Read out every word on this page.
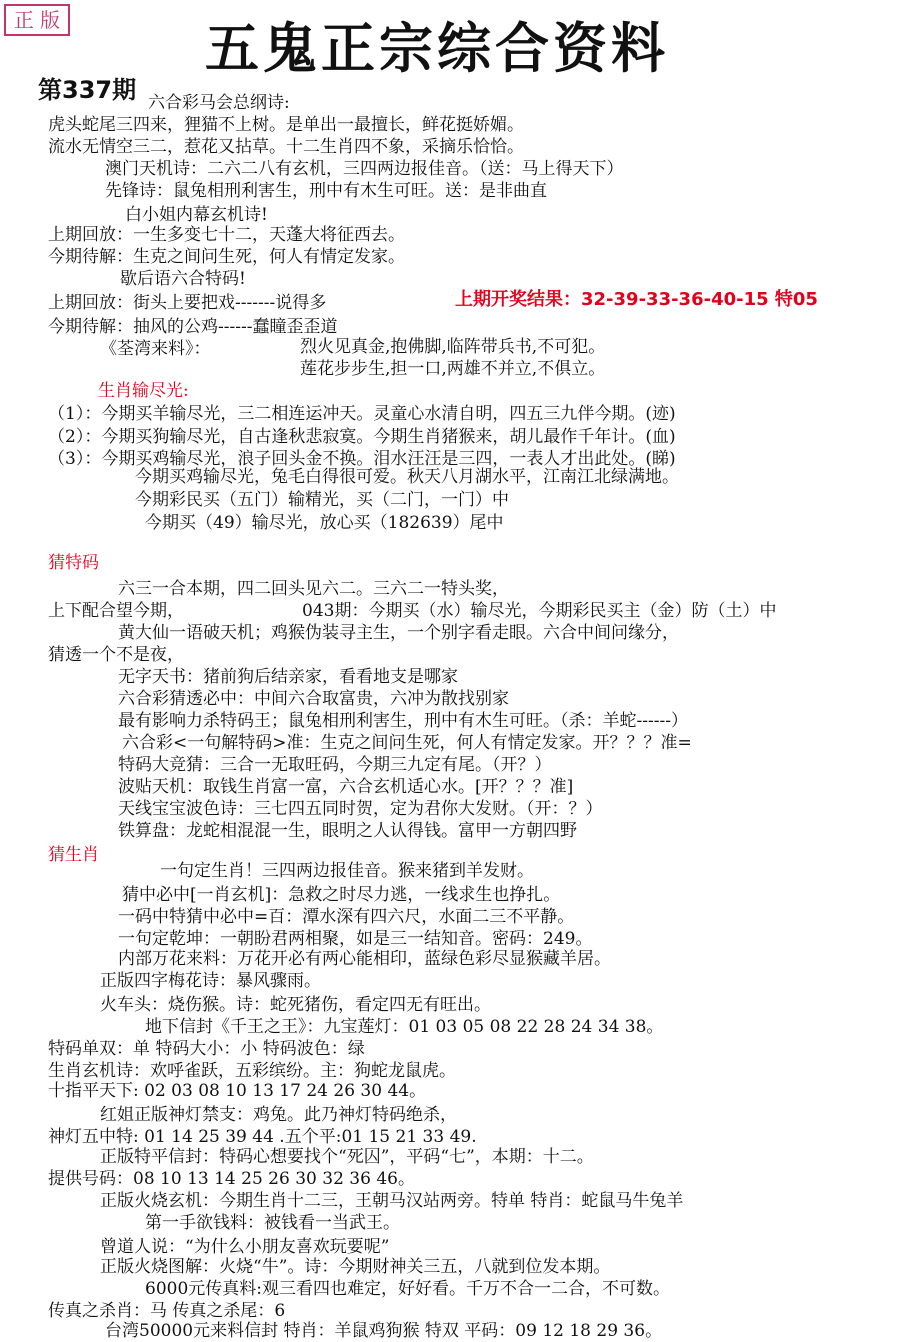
正 版	五鬼正宗综合资料
第337期
上期开奖结果：32-39-33-36-40-15 特05
六合彩马会总纲诗:
虎头蛇尾三四来，狸猫不上树。是单出一最擅长，鲜花挺娇媚。
流水无情空三二，惹花又拈草。十二生肖四不象，采摘乐恰恰。
澳门天机诗：二六二八有玄机，三四两边报佳音。（送：马上得天下）
先锋诗：鼠兔相刑利害生，刑中有木生可旺。送：是非曲直
白小姐内幕玄机诗!
上期回放：一生多变七十二，天蓬大将征西去。
今期待解：生克之间问生死，何人有情定发家。
歇后语六合特码!
上期回放：街头上要把戏-------说得多
今期待解：抽风的公鸡------蠢瞳歪歪道
《荃湾来料》：	烈火见真金,抱佛脚,临阵带兵书,不可犯。
莲花步步生,担一口,两雄不并立,不俱立。
生肖输尽光:
（1）：今期买羊输尽光，三二相连运冲天。灵童心水清自明，四五三九伴今期。(迹)
（2）：今期买狗输尽光，自古逢秋悲寂寞。今期生肖猪猴来，胡儿最作千年计。(血)
（3）：今期买鸡输尽光，浪子回头金不换。泪水汪汪是三四，一表人才出此处。(睇)
今期买鸡输尽光，兔毛白得很可爱。秋天八月湖水平，江南江北绿满地。
今期彩民买（五门）输精光，买（二门，一门）中
今期买（49）输尽光，放心买（182639）尾中
猜特码
六三一合本期，四二回头见六二。三六二一特头奖，
上下配合望今期，	043期：今期买（水）输尽光，今期彩民买主（金）防（土）中
黄大仙一语破天机；鸡猴伪装寻主生，一个别字看走眼。六合中间问缘分，
猜透一个不是夜，
无字天书：猪前狗后结亲家，看看地支是哪家
六合彩猜透必中：中间六合取富贵，六冲为散找别家
最有影响力杀特码王；鼠兔相刑利害生，刑中有木生可旺。（杀：羊蛇------）
六合彩<一句解特码>准：生克之间问生死，何人有情定发家。开？？？准=
特码大竞猜：三合一无取旺码，今期三九定有尾。（开？）
波贴天机：取钱生肖富一富，六合玄机适心水。[开？？？准]
天线宝宝波色诗：三七四五同时贺，定为君你大发财。（开：？）
铁算盘：龙蛇相混混一生，眼明之人认得钱。富甲一方朝四野
猜生肖
一句定生肖！三四两边报佳音。猴来猪到羊发财。
猜中必中[一肖玄机]：急救之时尽力逃，一线求生也挣扎。
一码中特猜中必中=百：潭水深有四六尺，水面二三不平静。
一句定乾坤：一朝盼君两相聚，如是三一结知音。密码：249。
内部万花来料：万花开必有两心能相印，蓝绿色彩尽显猴藏羊居。
正版四字梅花诗：暴风骤雨。
火车头：烧伤猴。诗：蛇死猪伤，看定四无有旺出。
地下信封《千王之王》：九宝莲灯：01 03 05 08 22 28 24 34 38。
特码单双：单 特码大小：小 特码波色：绿
生肖玄机诗：欢呼雀跃，五彩缤纷。主：狗蛇龙鼠虎。
十指平天下: 02 03 08 10 13 17 24 26 30 44。
红姐正版神灯禁支：鸡兔。此乃神灯特码绝杀，
神灯五中特: 01 14 25 39 44 .五个平:01 15 21 33 49.
正版特平信封：特码心想要找个“死囚”，平码“七”，本期：十二。
提供号码：08 10 13 14 25 26 30 32 36 46。
正版火烧玄机：今期生肖十二三，王朝马汉站两旁。特单 特肖：蛇鼠马牛兔羊
第一手欲钱料：被钱看一当武王。
曾道人说：“为什么小朋友喜欢玩要呢”
正版火烧图解：火烧“牛”。诗：今期财神关三五，八就到位发本期。
6000元传真料:观三看四也难定，好好看。千万不合一二合，不可数。
传真之杀肖：马 传真之杀尾：6
台湾50000元来料信封 特肖：羊鼠鸡狗猴 特双 平码：09 12 18 29 36。
